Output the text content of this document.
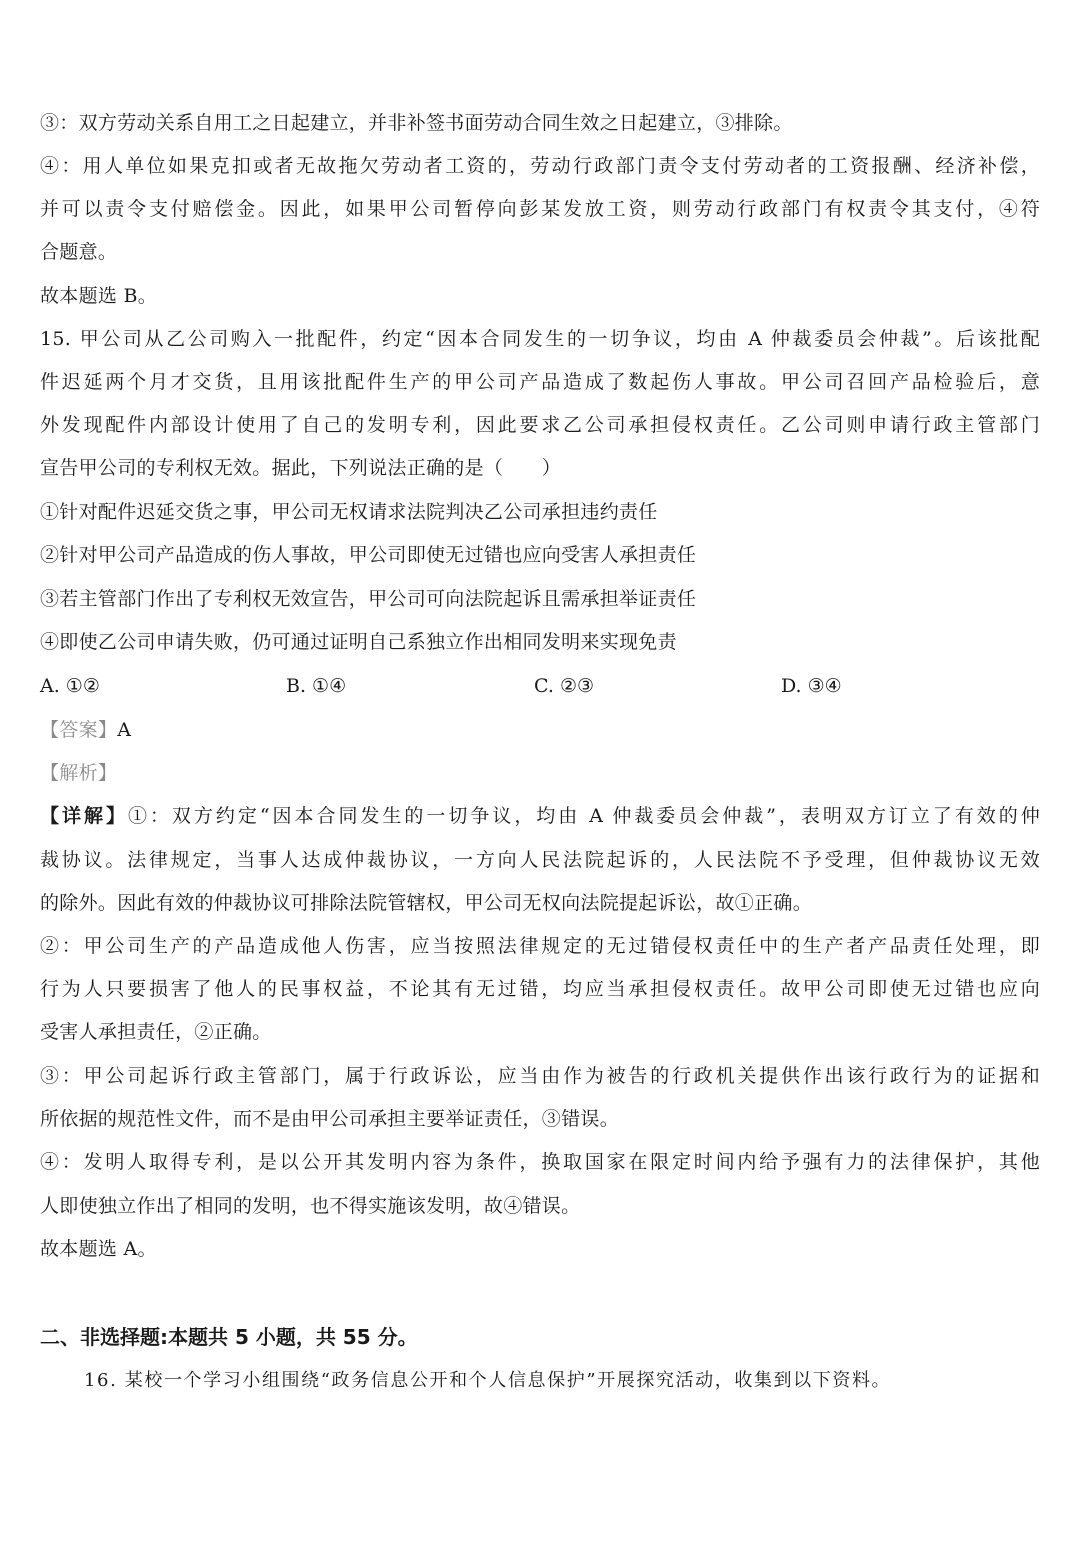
③：双方劳动关系自用工之日起建立，并非补签书面劳动合同生效之日起建立，③排除。
④：用人单位如果克扣或者无故拖欠劳动者工资的，劳动行政部门责令支付劳动者的工资报酬、经济补偿，
并可以责令支付赔偿金。因此，如果甲公司暂停向彭某发放工资，则劳动行政部门有权责令其支付，④符
合题意。
故本题选 B。
15. 甲公司从乙公司购入一批配件，约定“因本合同发生的一切争议，均由 A 仲裁委员会仲裁”。后该批配
件迟延两个月才交货，且用该批配件生产的甲公司产品造成了数起伤人事故。甲公司召回产品检验后，意
外发现配件内部设计使用了自己的发明专利，因此要求乙公司承担侵权责任。乙公司则申请行政主管部门
宣告甲公司的专利权无效。据此，下列说法正确的是（　　）
①针对配件迟延交货之事，甲公司无权请求法院判决乙公司承担违约责任
②针对甲公司产品造成的伤人事故，甲公司即使无过错也应向受害人承担责任
③若主管部门作出了专利权无效宣告，甲公司可向法院起诉且需承担举证责任
④即使乙公司申请失败，仍可通过证明自己系独立作出相同发明来实现免责
A. ①②	B. ①④	C. ②③	D. ③④
【答案】A
【解析】
【详解】①：双方约定“因本合同发生的一切争议，均由 A 仲裁委员会仲裁”，表明双方订立了有效的仲
裁协议。法律规定，当事人达成仲裁协议，一方向人民法院起诉的，人民法院不予受理，但仲裁协议无效
的除外。因此有效的仲裁协议可排除法院管辖权，甲公司无权向法院提起诉讼，故①正确。
②：甲公司生产的产品造成他人伤害，应当按照法律规定的无过错侵权责任中的生产者产品责任处理，即
行为人只要损害了他人的民事权益，不论其有无过错，均应当承担侵权责任。故甲公司即使无过错也应向
受害人承担责任，②正确。
③：甲公司起诉行政主管部门，属于行政诉讼，应当由作为被告的行政机关提供作出该行政行为的证据和
所依据的规范性文件，而不是由甲公司承担主要举证责任，③错误。
④：发明人取得专利，是以公开其发明内容为条件，换取国家在限定时间内给予强有力的法律保护，其他
人即使独立作出了相同的发明，也不得实施该发明，故④错误。
故本题选 A。
二、非选择题:本题共 5 小题，共 55 分。
16. 某校一个学习小组围绕“政务信息公开和个人信息保护”开展探究活动，收集到以下资料。
